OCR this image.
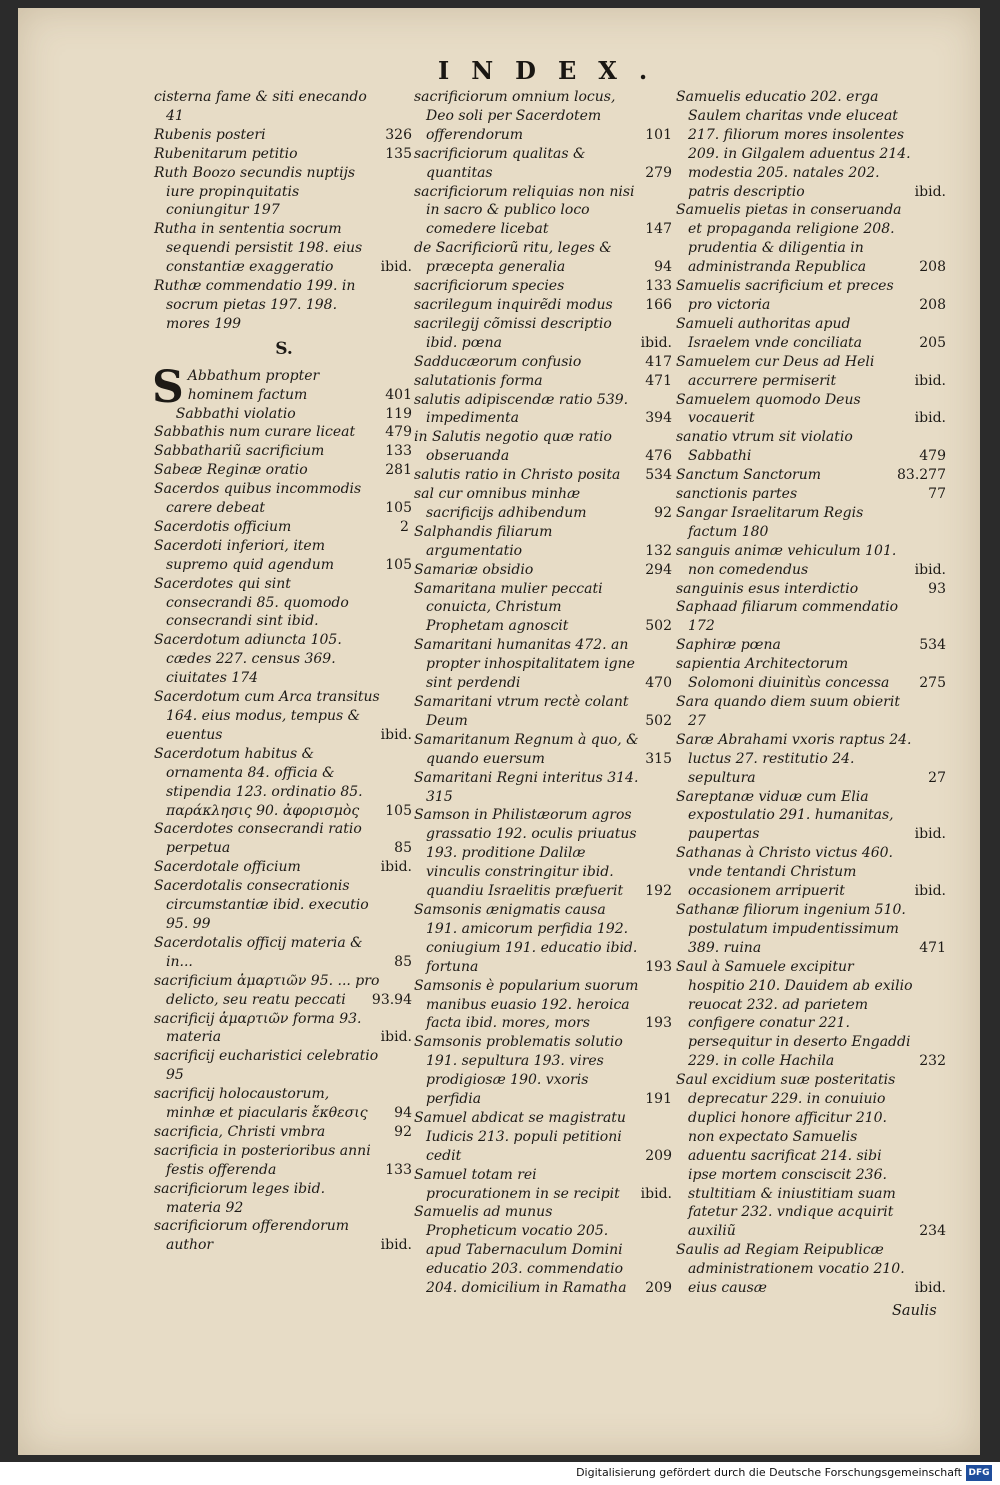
INDEX.
cisterna fame & siti enecando 41
Rubenis posteri	326
Rubenitarum petitio	135
Ruth Boozo secundis nuptijs iure propinquitatis coniungitur 197
Rutha in sententia socrum sequendi persistit 198. eius constantiæ exaggeratio	ibid.
Ruthæ commendatio 199. in socrum pietas 197. 198. mores 199
S.
S Abbathum propter hominem factum	401
Sabbathi violatio	119
Sabbathis num curare liceat 479
Sabbathariũ sacrificium	133
Sabeæ Reginæ oratio	281
Sacerdos quibus incommodis carere debeat	105
Sacerdotis officium	2
Sacerdoti inferiori, item supremo quid agendum	105
Sacerdotes qui sint consecrandi 85. quomodo consecrandi sint ibid.
Sacerdotum adiuncta 105. cædes 227. census 369. ciuitates 174
Sacerdotum cum Arca transitus 164. eius modus, tempus & euentus	ibid.
Sacerdotum habitus & ornamenta 84. officia & stipendia 123. ordinatio 85. παράκλησις 90. ἀφορισμὸς 105
Sacerdotes consecrandi ratio perpetua	85
Sacerdotale officium	ibid.
Sacerdotalis consecrationis circumstantiæ ibid. executio 95. 99
Sacerdotalis officij materia & in...	85
sacrificium ἁμαρτιῶν 95. ... pro delicto, seu reatu peccati 93.94
sacrificij ἁμαρτιῶν forma 93. materia	ibid.
sacrificij eucharistici celebratio 95
sacrificij holocaustorum, minhæ et piacularis ἔκθεσις 94
sacrificia, Christi vmbra	92
sacrificia in posterioribus anni festis offerenda	133
sacrificiorum leges ibid. materia 92
sacrificiorum offerendorum author	ibid.
sacrificiorum omnium locus, Deo soli per Sacerdotem offerendorum	101
sacrificiorum qualitas & quantitas	279
sacrificiorum reliquias non nisi in sacro & publico loco comedere licebat	147
de Sacrificiorũ ritu, leges & præcepta generalia	94
sacrificiorum species	133
sacrilegum inquirẽdi modus 166
sacrilegij cõmissi descriptio ibid. pœna	ibid.
Sadducæorum confusio	417
salutationis forma	471
salutis adipiscendæ ratio 539. impedimenta	394
in Salutis negotio quæ ratio obseruanda	476
salutis ratio in Christo posita 534
sal cur omnibus minhæ sacrificijs adhibendum	92
Salphandis filiarum argumentatio	132
Samariæ obsidio	294
Samaritana mulier peccati conuicta, Christum Prophetam agnoscit	502
Samaritani humanitas 472. an propter inhospitalitatem igne sint perdendi	470
Samaritani vtrum rectè colant Deum	502
Samaritanum Regnum à quo, & quando euersum	315
Samaritani Regni interitus 314. 315
Samson in Philistæorum agros grassatio 192. oculis priuatus 193. proditione Dalilæ vinculis constringitur ibid. quandiu Israelitis præfuerit 192
Samsonis ænigmatis causa 191. amicorum perfidia 192. coniugium 191. educatio ibid. fortuna	193
Samsonis è popularium suorum manibus euasio 192. heroica facta ibid. mores, mors	193
Samsonis problematis solutio 191. sepultura 193. vires prodigiosæ 190. vxoris perfidia	191
Samuel abdicat se magistratu Iudicis 213. populi petitioni cedit	209
Samuel totam rei procurationem in se recipit ibid.
Samuelis ad munus Propheticum vocatio 205. apud Tabernaculum Domini educatio 203. commendatio 204. domicilium in Ramatha 209
Samuelis educatio 202. erga Saulem charitas vnde eluceat 217. filiorum mores insolentes 209. in Gilgalem aduentus 214. modestia 205. natales 202. patris descriptio	ibid.
Samuelis pietas in conseruanda et propaganda religione 208. prudentia & diligentia in administranda Republica	208
Samuelis sacrificium et preces pro victoria	208
Samueli authoritas apud Israelem vnde conciliata	205
Samuelem cur Deus ad Heli accurrere permiserit	ibid.
Samuelem quomodo Deus vocauerit	ibid.
sanatio vtrum sit violatio Sabbathi	479
Sanctum Sanctorum	83.277
sanctionis partes	77
Sangar Israelitarum Regis factum 180
sanguis animæ vehiculum 101. non comedendus	ibid.
sanguinis esus interdictio	93
Saphaad filiarum commendatio 172
Saphiræ pœna	534
sapientia Architectorum Solomoni diuinitùs concessa 275
Sara quando diem suum obierit 27
Saræ Abrahami vxoris raptus 24. luctus 27. restitutio 24. sepultura	27
Sareptanæ viduæ cum Elia expostulatio 291. humanitas, paupertas	ibid.
Sathanas à Christo victus 460. vnde tentandi Christum occasionem arripuerit	ibid.
Sathanæ filiorum ingenium 510. postulatum impudentissimum 389. ruina	471
Saul à Samuele excipitur hospitio 210. Dauidem ab exilio reuocat 232. ad parietem configere conatur 221. persequitur in deserto Engaddi 229. in colle Hachila	232
Saul excidium suæ posteritatis deprecatur 229. in conuiuio duplici honore afficitur 210. non expectato Samuelis aduentu sacrificat 214. sibi ipse mortem consciscit 236. stultitiam & iniustitiam suam fatetur 232. vndique acquirit auxiliũ	234
Saulis ad Regiam Reipublicæ administrationem vocatio 210. eius causæ	ibid.
Saulis
Digitalisierung gefördert durch die Deutsche Forschungsgemeinschaft DFG
